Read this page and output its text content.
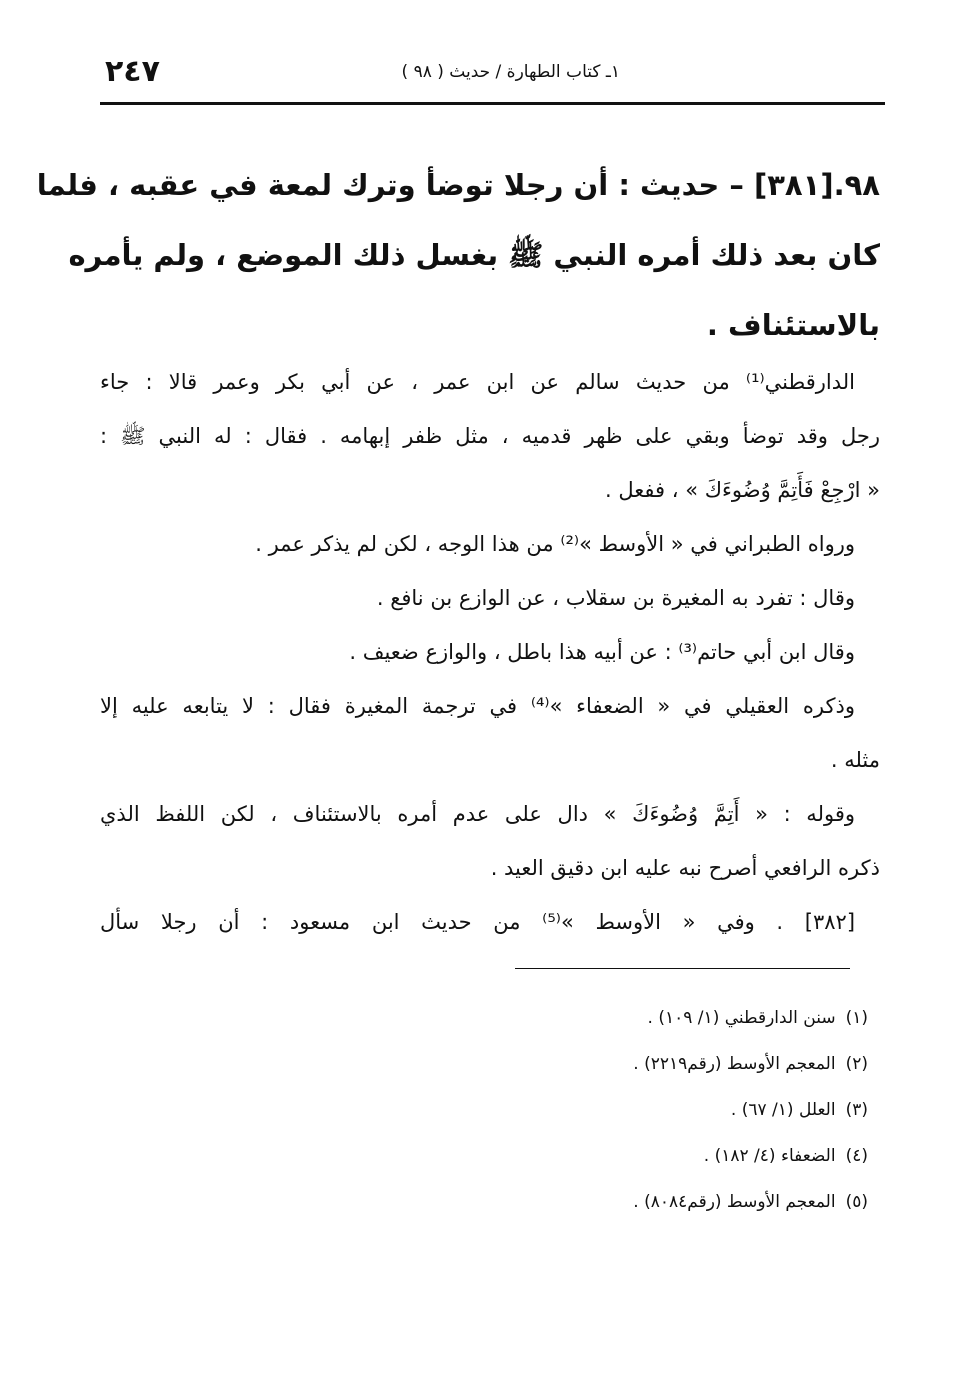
١ـ كتاب الطهارة / حديث ( ٩٨ )
٢٤٧
٩٨.[٣٨١] – حديث : أن رجلا توضأ وترك لمعة في عقبه ، فلما
كان بعد ذلك أمره النبي ﷺ بغسل ذلك الموضع ، ولم يأمره
بالاستئناف .
الدارقطني⁽¹⁾ من حديث سالم عن ابن عمر ، عن أبي بكر وعمر قالا : جاء
رجل وقد توضأ وبقي على ظهر قدميه ، مثل ظفر إبهامه . فقال : له النبي ﷺ :
« ارْجِعْ فَأَتِمَّ وُضُوءَكَ » ، ففعل .
ورواه الطبراني في « الأوسط »⁽²⁾ من هذا الوجه ، لكن لم يذكر عمر .
وقال : تفرد به المغيرة بن سقلاب ، عن الوازع بن نافع .
وقال ابن أبي حاتم⁽³⁾ : عن أبيه هذا باطل ، والوازع ضعيف .
وذكره العقيلي في « الضعفاء »⁽⁴⁾ في ترجمة المغيرة فقال : لا يتابعه عليه إلا
مثله .
وقوله : « أَتِمَّ وُضُوءَكَ » دال على عدم أمره بالاستئناف ، لكن اللفظ الذي
ذكره الرافعي أصرح نبه عليه ابن دقيق العيد .
[٣٨٢] . وفي « الأوسط »⁽⁵⁾ من حديث ابن مسعود : أن رجلا سأل
(١)سنن الدارقطني (١/ ١٠٩) .
(٢)المعجم الأوسط (رقم٢٢١٩) .
(٣)العلل (١/ ٦٧) .
(٤)الضعفاء (٤/ ١٨٢) .
(٥)المعجم الأوسط (رقم٨٠٨٤) .
